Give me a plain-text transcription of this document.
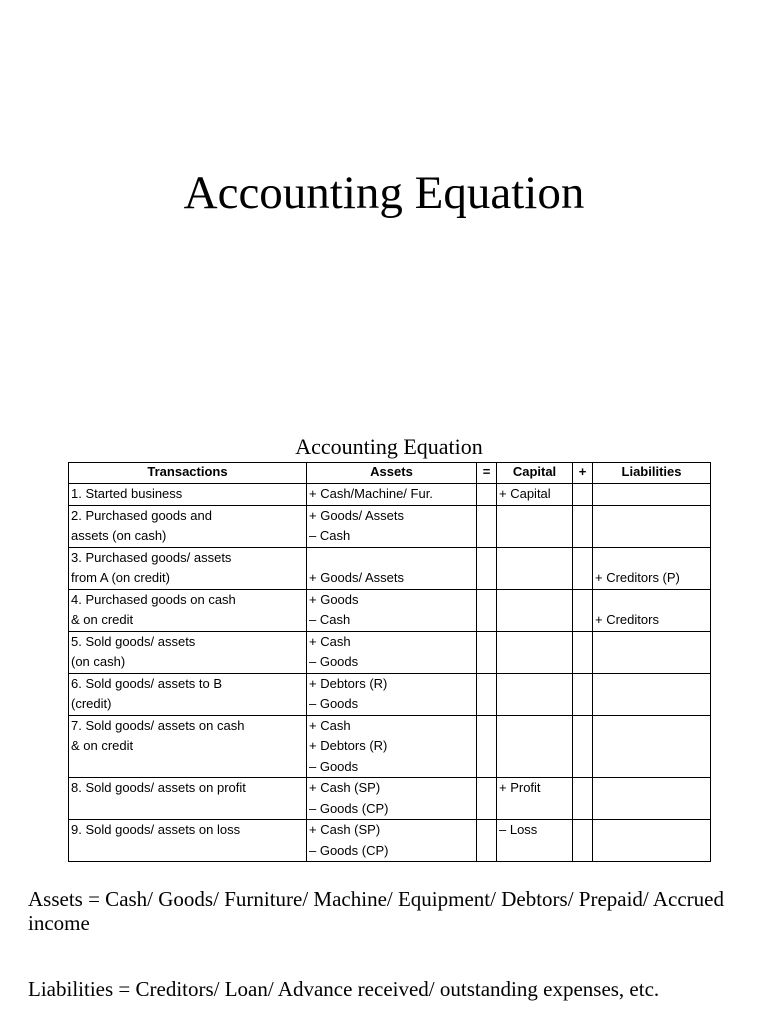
Accounting Equation
Accounting Equation
Transactions	Assets	=	Capital	+	Liabilities

1. Started business	+ Cash/Machine/ Fur.		+ Capital		

2. Purchased goods and
assets (on cash)	+ Goods/ Assets
– Cash				

3. Purchased goods/ assets
from A (on credit)	+ Goods/ Assets				+ Creditors (P)

4. Purchased goods on cash
& on credit	+ Goods
– Cash				+ Creditors

5. Sold goods/ assets
(on cash)	+ Cash
– Goods				

6. Sold goods/ assets to B
(credit)	+ Debtors (R)
– Goods				

7. Sold goods/ assets on cash
& on credit	+ Cash
+ Debtors (R)
– Goods				

8. Sold goods/ assets on profit	+ Cash (SP)
– Goods (CP)		+ Profit		

9. Sold goods/ assets on loss	+ Cash (SP)
– Goods (CP)		– Loss		

Assets = Cash/ Goods/ Furniture/ Machine/ Equipment/ Debtors/ Prepaid/ Accrued income
Liabilities = Creditors/ Loan/ Advance received/ outstanding expenses, etc.
